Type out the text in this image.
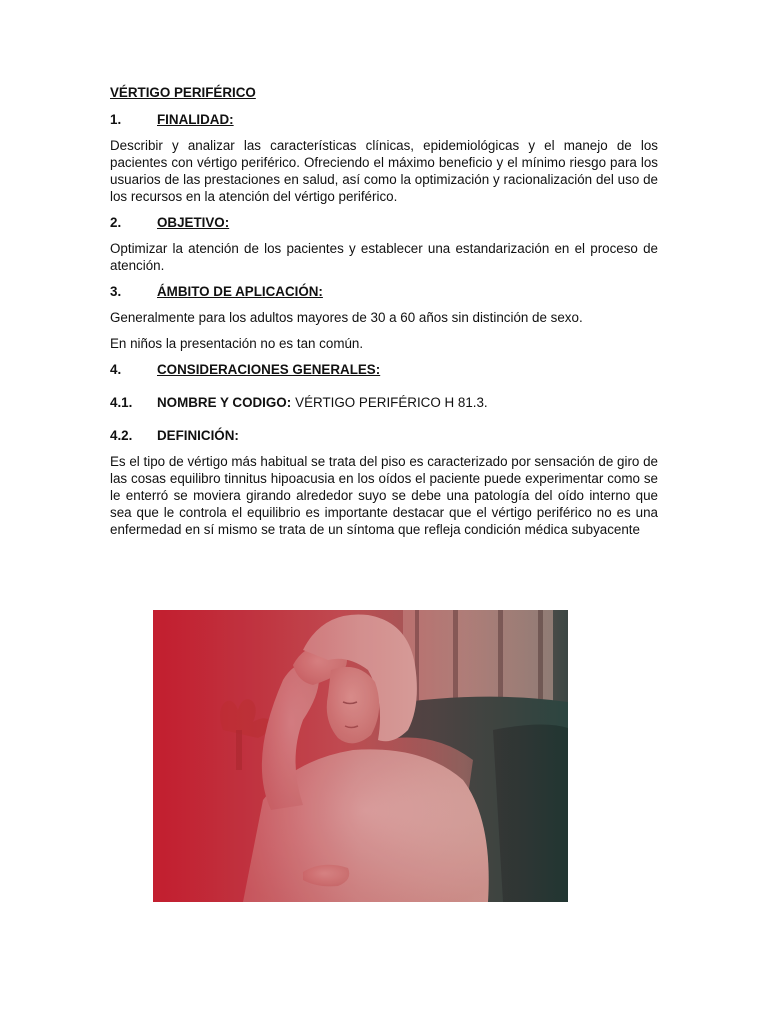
VÉRTIGO PERIFÉRICO
1.	FINALIDAD:

Describir y analizar las características clínicas, epidemiológicas y el manejo de los pacientes con vértigo periférico. Ofreciendo el máximo beneficio y el mínimo riesgo para los usuarios de las prestaciones en salud, así como la optimización y racionalización del uso de los recursos en la atención del vértigo periférico.

2.	OBJETIVO:

Optimizar la atención de los pacientes y establecer una estandarización en el proceso de atención.

3.	ÁMBITO DE APLICACIÓN:

Generalmente para los adultos mayores de 30 a 60 años sin distinción de sexo.

En niños la presentación no es tan común.

4.	CONSIDERACIONES GENERALES:
4.1.	NOMBRE Y CODIGO: VÉRTIGO PERIFÉRICO H 81.3.
4.2.	DEFINICIÓN:

Es el tipo de vértigo más habitual se trata del piso es caracterizado por sensación de giro de las cosas equilibro tinnitus hipoacusia en los oídos el paciente puede experimentar como se le enterró se moviera girando alrededor suyo se debe una patología del oído interno que sea que le controla el equilibrio es importante destacar que el vértigo periférico no es una enfermedad en sí mismo se trata de un síntoma que refleja condición médica subyacente
